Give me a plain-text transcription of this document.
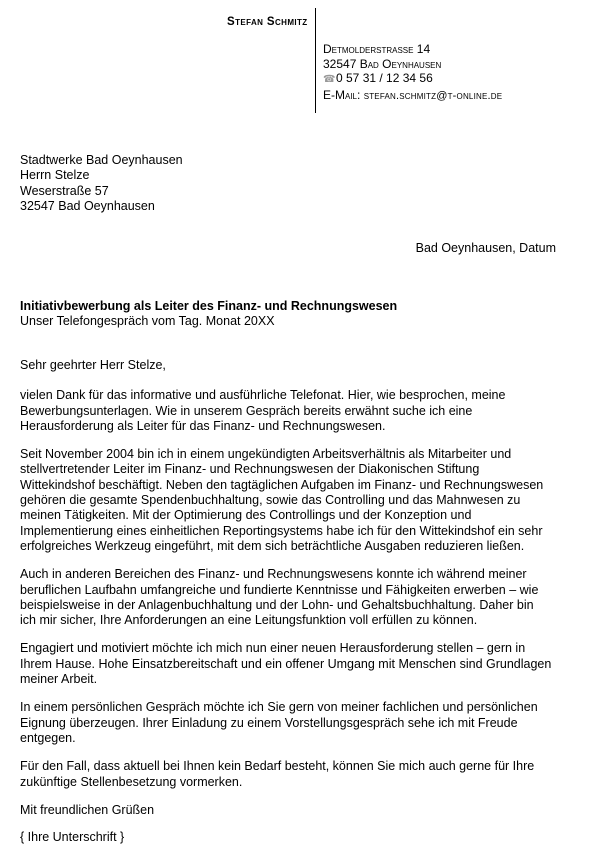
Stefan Schmitz
Detmolderstrasse 14
32547 Bad Oeynhausen
☎0 57 31 / 12 34 56
E-Mail: stefan.schmitz@t-online.de
Stadtwerke Bad Oeynhausen
Herrn Stelze
Weserstraße 57
32547 Bad Oeynhausen
Bad Oeynhausen, Datum
Initiativbewerbung als Leiter des Finanz- und Rechnungswesen
Unser Telefongespräch vom Tag. Monat 20XX

Sehr geehrter Herr Stelze,

vielen Dank für das informative und ausführliche Telefonat. Hier, wie besprochen, meine
Bewerbungsunterlagen. Wie in unserem Gespräch bereits erwähnt suche ich eine
Herausforderung als Leiter für das Finanz- und Rechnungswesen.

Seit November 2004 bin ich in einem ungekündigten Arbeitsverhältnis als Mitarbeiter und
stellvertretender Leiter im Finanz- und Rechnungswesen der Diakonischen Stiftung
Wittekindshof beschäftigt. Neben den tagtäglichen Aufgaben im Finanz- und Rechnungswesen
gehören die gesamte Spendenbuchhaltung, sowie das Controlling und das Mahnwesen zu
meinen Tätigkeiten. Mit der Optimierung des Controllings und der Konzeption und
Implementierung eines einheitlichen Reportingsystems habe ich für den Wittekindshof ein sehr
erfolgreiches Werkzeug eingeführt, mit dem sich beträchtliche Ausgaben reduzieren ließen.

Auch in anderen Bereichen des Finanz- und Rechnungswesens konnte ich während meiner
beruflichen Laufbahn umfangreiche und fundierte Kenntnisse und Fähigkeiten erwerben – wie
beispielsweise in der Anlagenbuchhaltung und der Lohn- und Gehaltsbuchhaltung. Daher bin
ich mir sicher, Ihre Anforderungen an eine Leitungsfunktion voll erfüllen zu können.

Engagiert und motiviert möchte ich mich nun einer neuen Herausforderung stellen – gern in
Ihrem Hause. Hohe Einsatzbereitschaft und ein offener Umgang mit Menschen sind Grundlagen
meiner Arbeit.

In einem persönlichen Gespräch möchte ich Sie gern von meiner fachlichen und persönlichen
Eignung überzeugen. Ihrer Einladung zu einem Vorstellungsgespräch sehe ich mit Freude
entgegen.

Für den Fall, dass aktuell bei Ihnen kein Bedarf besteht, können Sie mich auch gerne für Ihre
zukünftige Stellenbesetzung vormerken.

Mit freundlichen Grüßen

{ Ihre Unterschrift }
